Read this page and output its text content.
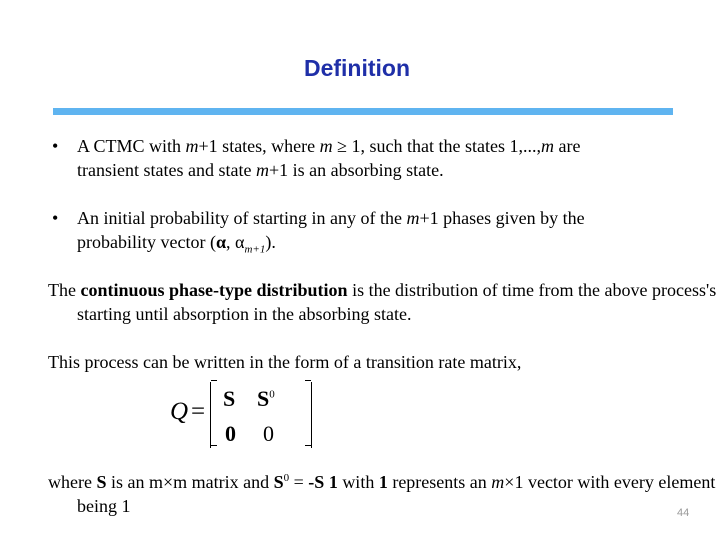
Definition
• A CTMC with m+1 states, where m ≥ 1, such that the states 1,...,m are
transient states and state m+1 is an absorbing state.
• An initial probability of starting in any of the m+1 phases given by the
probability vector (α, $\alpha_{m+1}$).
The continuous phase-type distribution is the distribution of time from the above process's starting until absorption in the absorbing state.
This process can be written in the form of a transition rate matrix,
Q = S $S^0$
0 0
where S is an m×m matrix and $S^0 = -S$ 1 with 1 represents an m×1 vector with every element being 1	44
